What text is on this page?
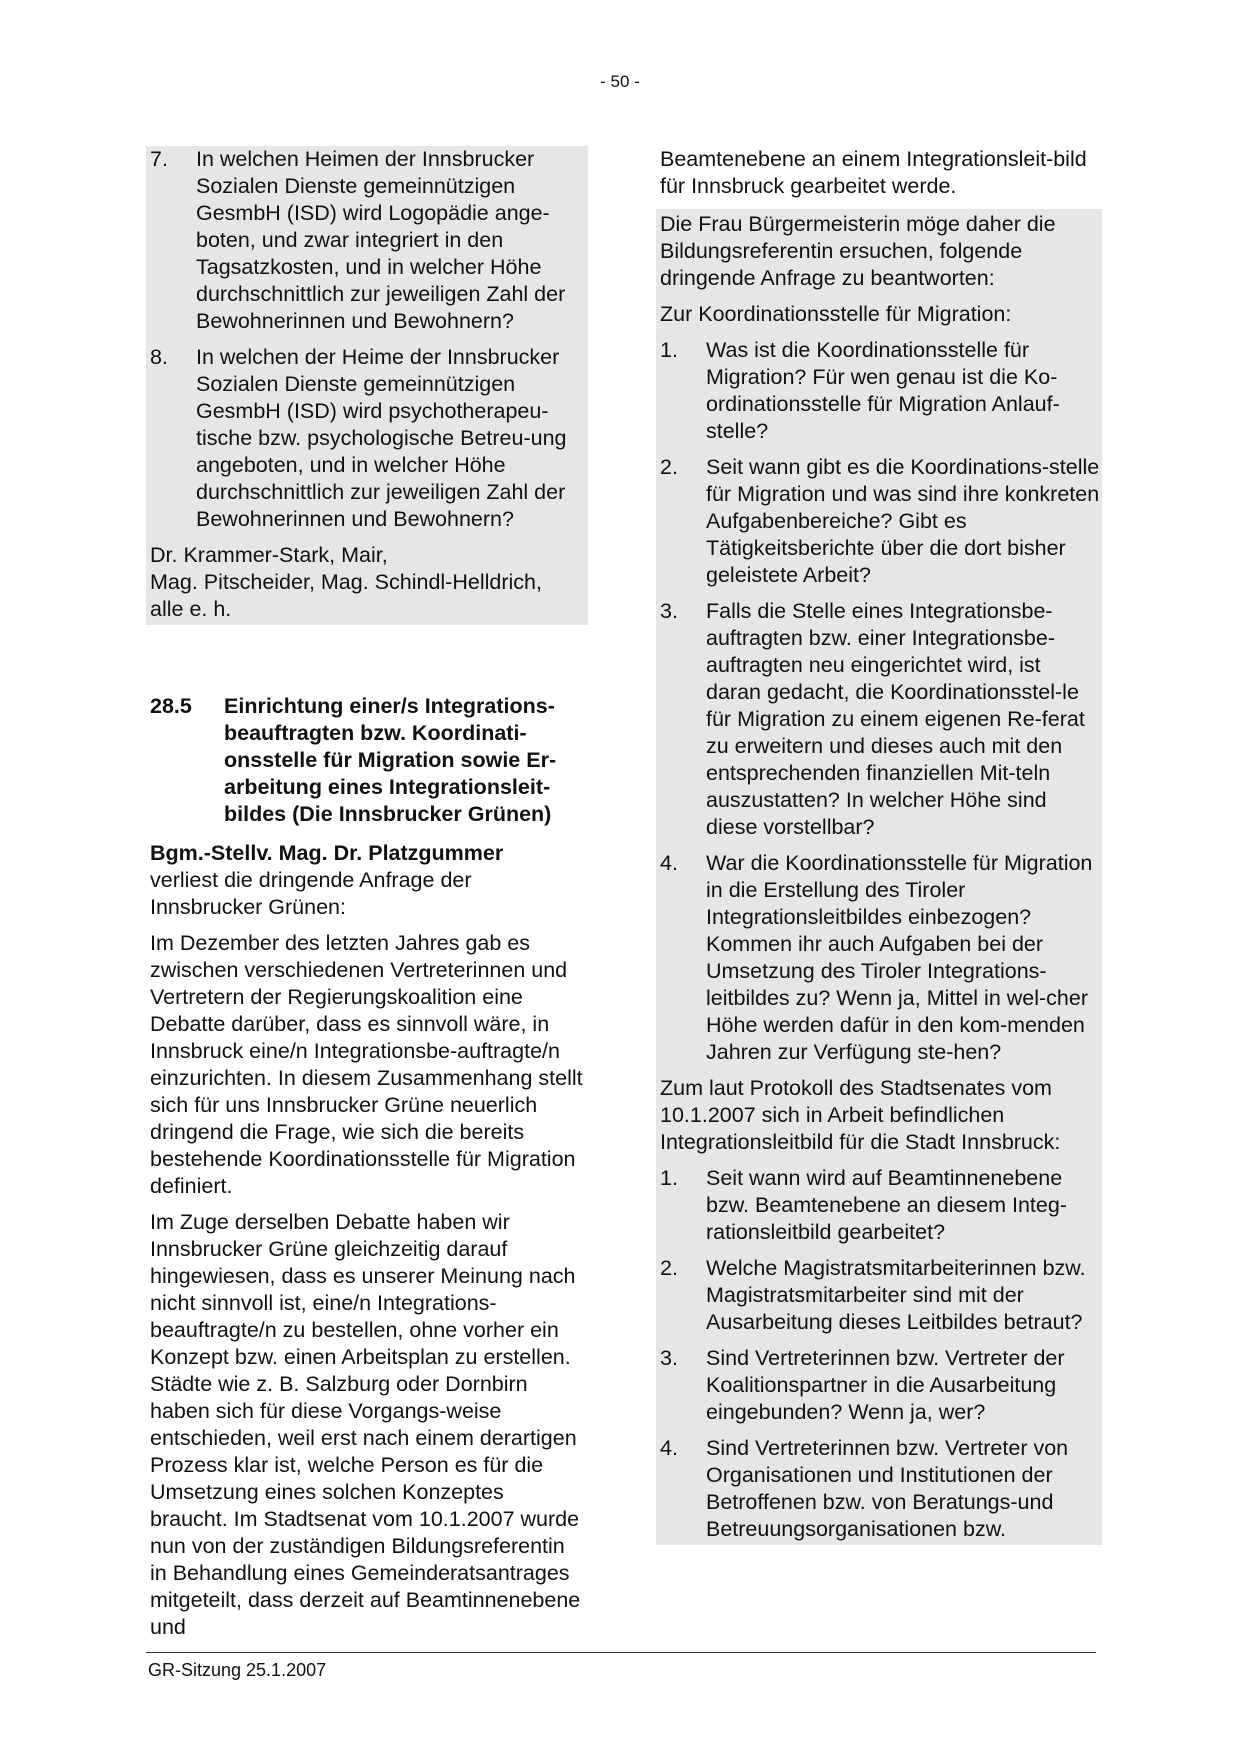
- 50 -
7.	In welchen Heimen der Innsbrucker Sozialen Dienste gemeinnützigen GesmbH (ISD) wird Logopädie ange-boten, und zwar integriert in den Tagsatzkosten, und in welcher Höhe durchschnittlich zur jeweiligen Zahl der Bewohnerinnen und Bewohnern?
8.	In welchen der Heime der Innsbrucker Sozialen Dienste gemeinnützigen GesmbH (ISD) wird psychotherapeu-tische bzw. psychologische Betreu-ung angeboten, und in welcher Höhe durchschnittlich zur jeweiligen Zahl der Bewohnerinnen und Bewohnern?
Dr. Krammer-Stark, Mair,
Mag. Pitscheider, Mag. Schindl-Helldrich,
alle e. h.
28.5	Einrichtung einer/s Integrations-beauftragten bzw. Koordinati-onsstelle für Migration sowie Er-arbeitung eines Integrationsleit-bildes (Die Innsbrucker Grünen)
Bgm.-Stellv. Mag. Dr. Platzgummer
verliest die dringende Anfrage der Innsbrucker Grünen:
Im Dezember des letzten Jahres gab es zwischen verschiedenen Vertreterinnen und Vertretern der Regierungskoalition eine Debatte darüber, dass es sinnvoll wäre, in Innsbruck eine/n Integrationsbe-auftragte/n einzurichten. In diesem Zusammenhang stellt sich für uns Innsbrucker Grüne neuerlich dringend die Frage, wie sich die bereits bestehende Koordinationsstelle für Migration definiert.
Im Zuge derselben Debatte haben wir Innsbrucker Grüne gleichzeitig darauf hingewiesen, dass es unserer Meinung nach nicht sinnvoll ist, eine/n Integrations-beauftragte/n zu bestellen, ohne vorher ein Konzept bzw. einen Arbeitsplan zu erstellen. Städte wie z. B. Salzburg oder Dornbirn haben sich für diese Vorgangs-weise entschieden, weil erst nach einem derartigen Prozess klar ist, welche Person es für die Umsetzung eines solchen Konzeptes braucht. Im Stadtsenat vom 10.1.2007 wurde nun von der zuständigen Bildungsreferentin in Behandlung eines Gemeinderatsantrages mitgeteilt, dass derzeit auf Beamtinnenebene und
Beamtenebene an einem Integrationsleit-bild für Innsbruck gearbeitet werde.
Die Frau Bürgermeisterin möge daher die Bildungsreferentin ersuchen, folgende dringende Anfrage zu beantworten:
Zur Koordinationsstelle für Migration:
1.	Was ist die Koordinationsstelle für Migration? Für wen genau ist die Ko-ordinationsstelle für Migration Anlauf-stelle?
2.	Seit wann gibt es die Koordinations-stelle für Migration und was sind ihre konkreten Aufgabenbereiche? Gibt es Tätigkeitsberichte über die dort bisher geleistete Arbeit?
3.	Falls die Stelle eines Integrationsbe-auftragten bzw. einer Integrationsbe-auftragten neu eingerichtet wird, ist daran gedacht, die Koordinationsstel-le für Migration zu einem eigenen Re-ferat zu erweitern und dieses auch mit den entsprechenden finanziellen Mit-teln auszustatten? In welcher Höhe sind diese vorstellbar?
4.	War die Koordinationsstelle für Migration in die Erstellung des Tiroler Integrationsleitbildes einbezogen? Kommen ihr auch Aufgaben bei der Umsetzung des Tiroler Integrations-leitbildes zu? Wenn ja, Mittel in wel-cher Höhe werden dafür in den kom-menden Jahren zur Verfügung ste-hen?
Zum laut Protokoll des Stadtsenates vom 10.1.2007 sich in Arbeit befindlichen Integrationsleitbild für die Stadt Innsbruck:
1.	Seit wann wird auf Beamtinnenebene bzw. Beamtenebene an diesem Integ-rationsleitbild gearbeitet?
2.	Welche Magistratsmitarbeiterinnen bzw. Magistratsmitarbeiter sind mit der Ausarbeitung dieses Leitbildes betraut?
3.	Sind Vertreterinnen bzw. Vertreter der Koalitionspartner in die Ausarbeitung eingebunden? Wenn ja, wer?
4.	Sind Vertreterinnen bzw. Vertreter von Organisationen und Institutionen der Betroffenen bzw. von Beratungs-und Betreuungsorganisationen bzw.
GR-Sitzung 25.1.2007
